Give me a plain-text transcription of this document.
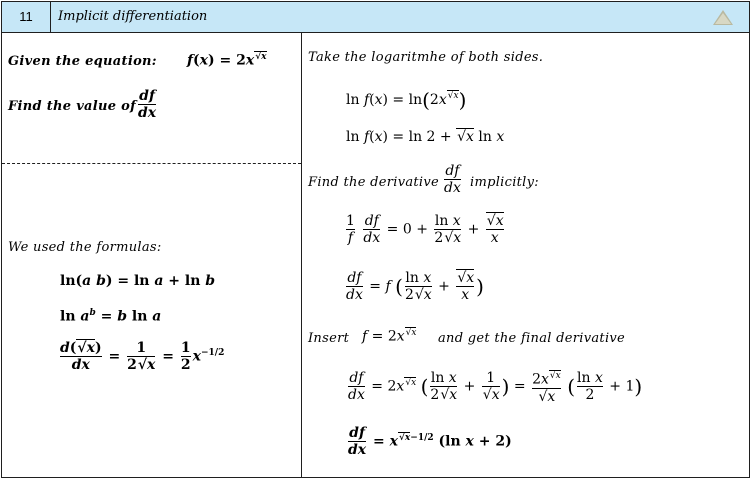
11	Implicit differentiation
Given the equation: $f(x) = 2x^{√x}$
Find the value of $\frac{df}{dx}$
We used the formulas:
ln(a b) = ln a + ln b
$\ln a^b = b$ ln a
$\frac{d(√x)}{dx} = \frac{1}{2√x} = \frac{1}{2} x^{-1/2}$
Take the logaritmhe of both sides.
$\ln f(x) = \ln(2x^{√x})$
ln f(x) = ln 2 + √x ln x
Find the derivative $\frac{df}{dx}$ implicitly:
$\frac{1}{f}$
$\frac{df}{dx} = 0 + \frac{\text{ln x}}{2√x} + \frac{√x}{x}$
$\frac{df}{dx} = f$ ( $\frac{\text{ln x}}{2√x} + \frac{√x}{x}$ )
Insert $f = 2x^{√x}$ and get the final derivative
$\frac{df}{dx} = 2x^{√x}$ ( $\frac{\text{ln x}}{2√x} + \frac{1}{√x}$ ) = $\frac{2x^{√x}}{√x}$ ( $\frac{\text{ln x}}{2} + 1$)
$\frac{df}{dx} = x^{√x-1/2}$ (ln x + 2)
